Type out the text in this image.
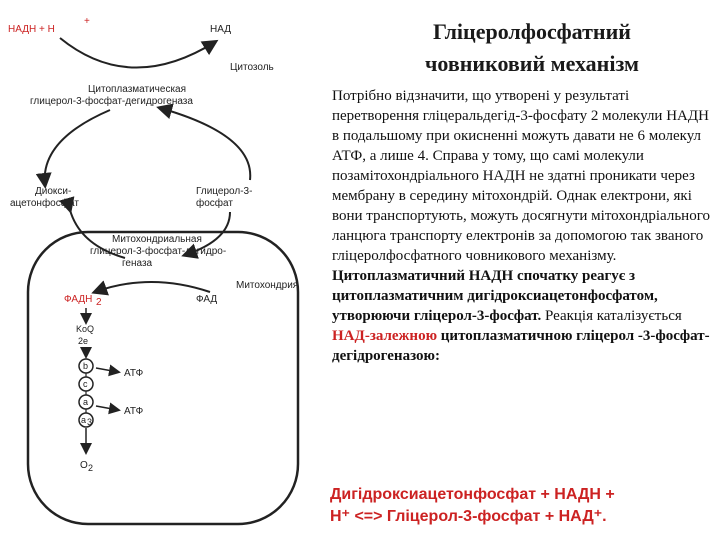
НАДН + Н
+
НАД
Цитозоль
Цитоплазматическая
глицерол-3-фосфат-дегидрогеназа
Диокси-
ацетонфосфат
Глицерол-3-
фосфат
Митохондриальная
глицерол-3-фосфат-дегидро-
геназа
ФАДН 2	ФАД
Митохондрия
KoQ
2e
b
c
a
a 3
O 2
АТФ
АТФ
Гліцеролфосфатний
човниковий механізм
Потрібно відзначити, що утворені у результаті перетворення гліцеральдегід-3-фосфату 2 молекули НАДН в подальшому при окисненні можуть давати не 6 молекул АТФ, а лише 4. Справа у тому, що самі молекули позамітохондріального НАДН не здатні проникати через мембрану в середину мітохондрій. Однак електрони, які вони транспортують, можуть досягнути мітохондріального ланцюга транспорту електронів за допомогою так званого гліцеролфосфатного човникового механізму. Цитоплазматичний НАДН спочатку реагує з цитоплазматичним дигідроксиацетонфосфатом, утворюючи гліцерол-3-фосфат. Реакція каталізується НАД-залежною цитоплазматичною гліцерол -3-фосфат-дегідрогеназою:
Дигідроксиацетонфосфат + НАДН +
Н⁺ <=> Гліцерол-3-фосфат + НАД⁺.
